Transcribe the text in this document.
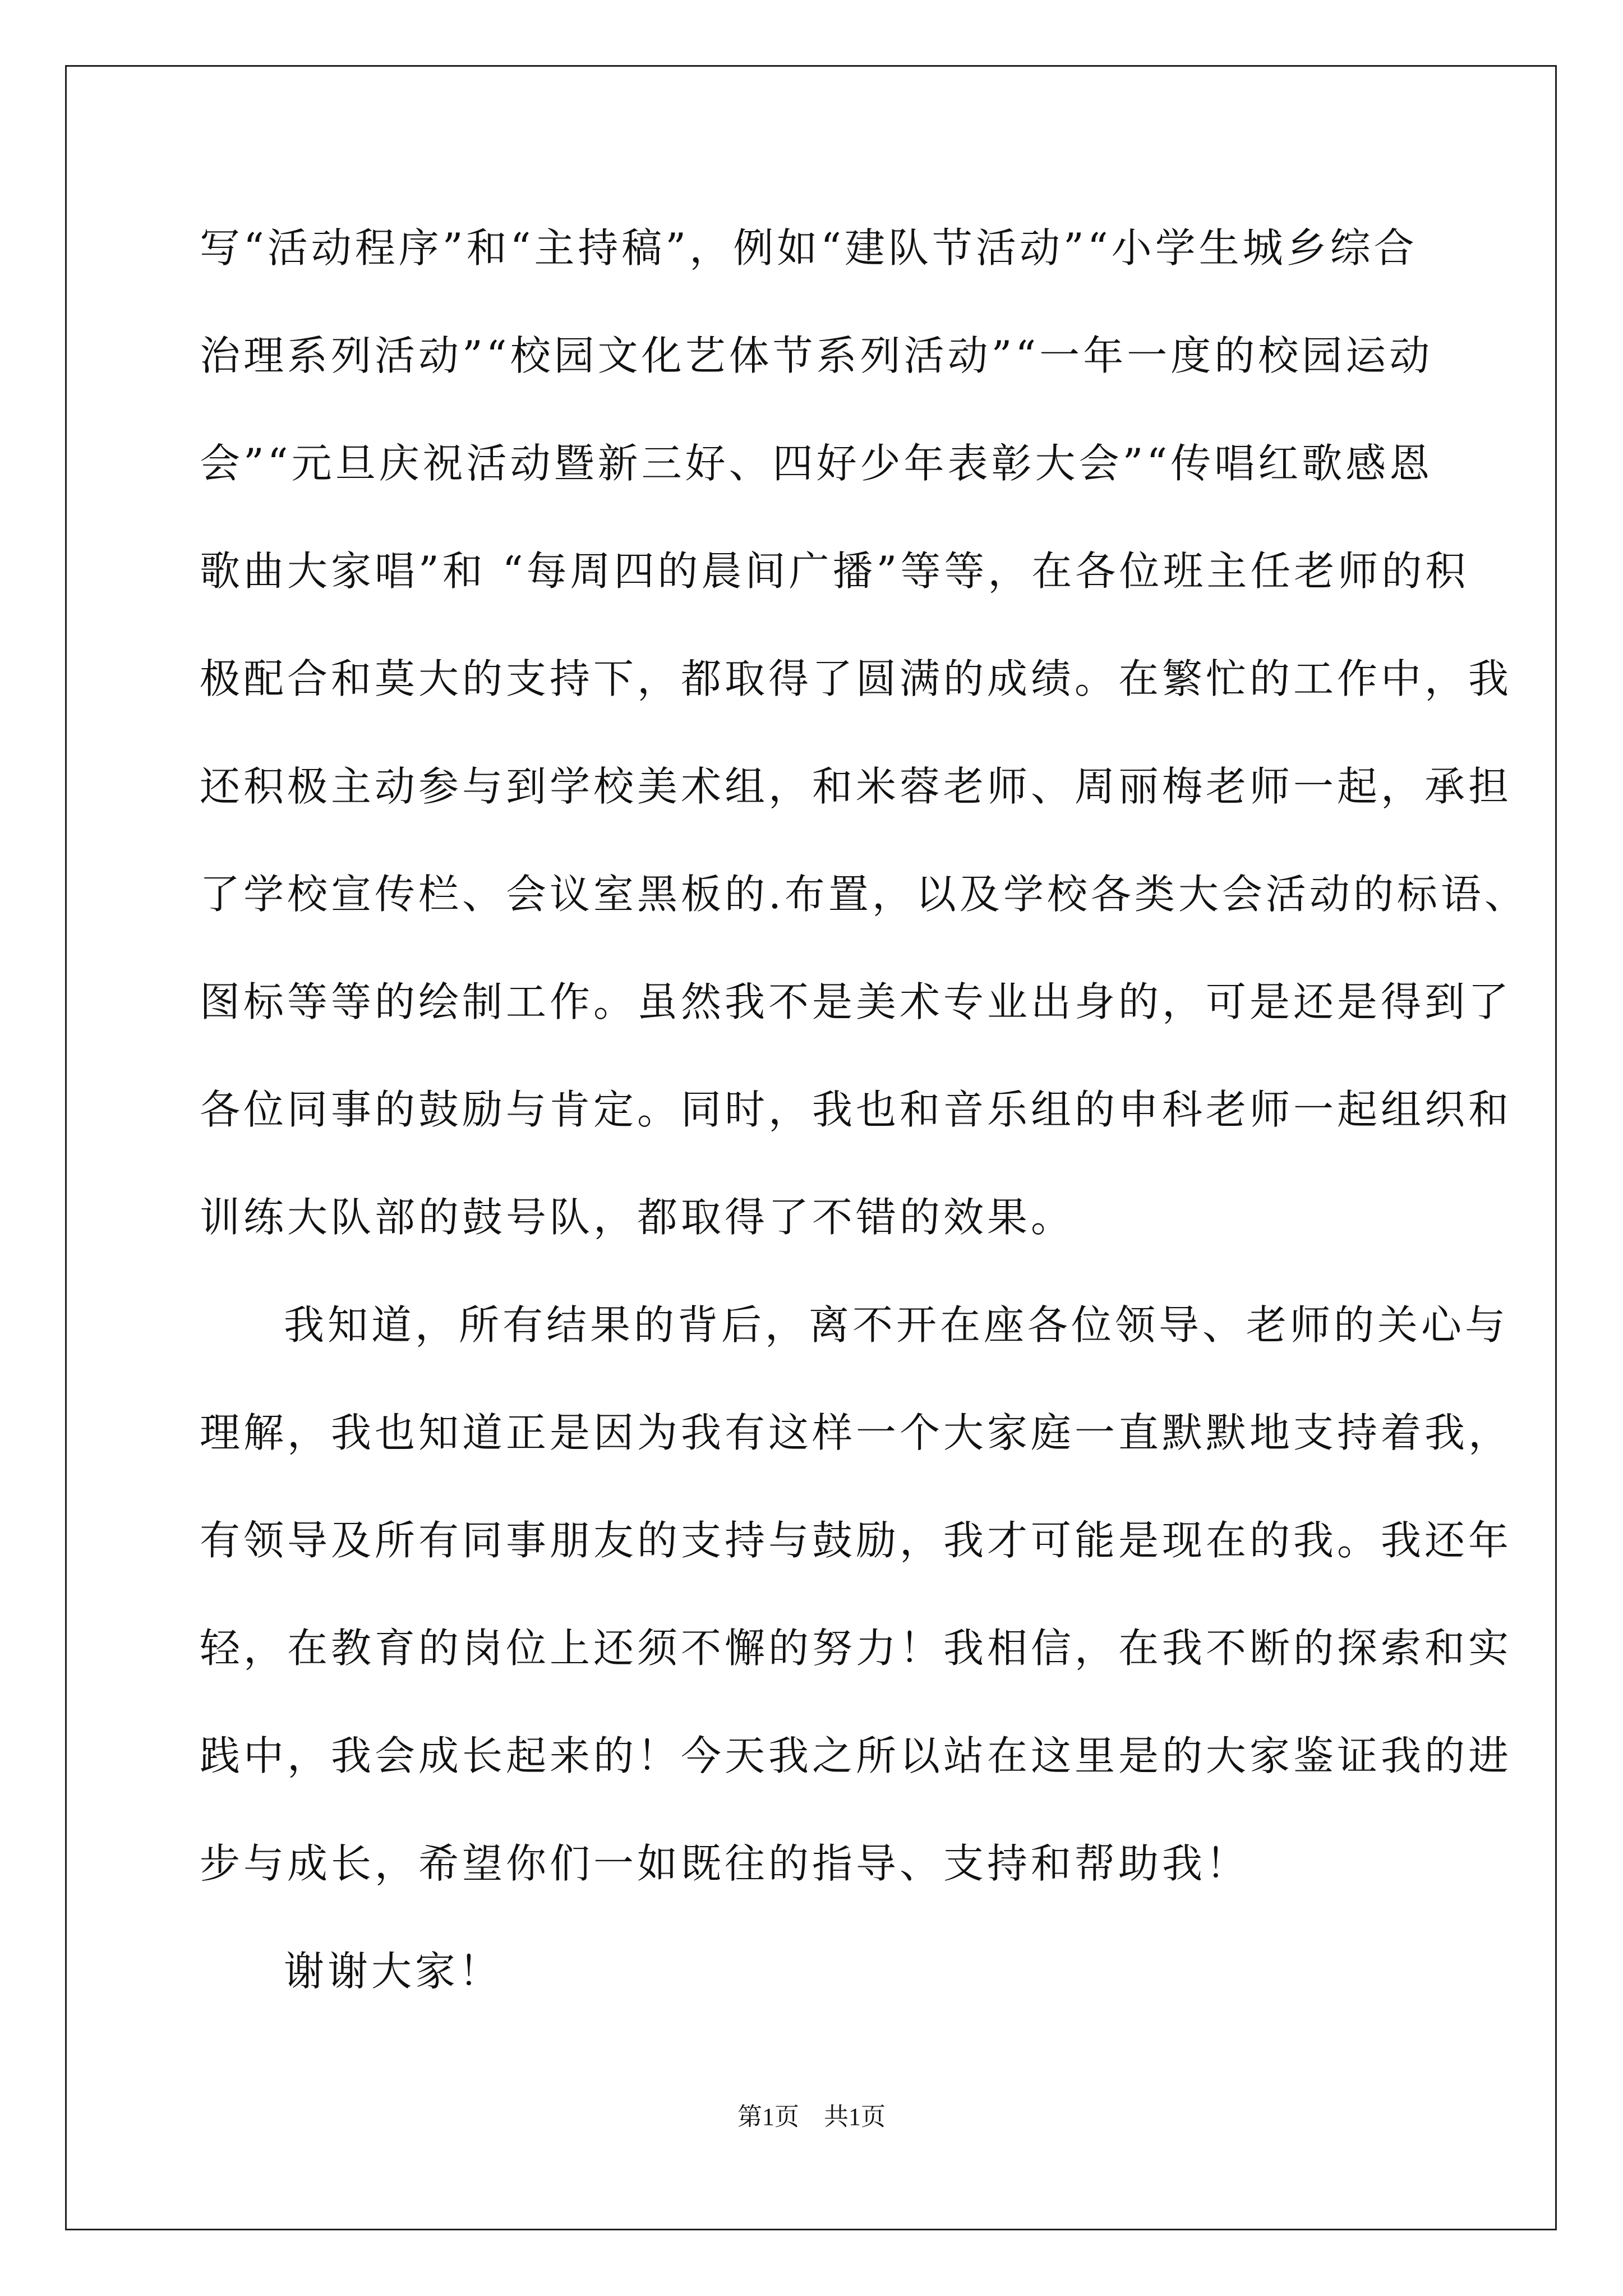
写“活动程序”和“主持稿”，例如“建队节活动”“小学生城乡综合
治理系列活动”“校园文化艺体节系列活动”“一年一度的校园运动
会”“元旦庆祝活动暨新三好、四好少年表彰大会”“传唱红歌感恩
歌曲大家唱”和 “每周四的晨间广播”等等，在各位班主任老师的积
极配合和莫大的支持下，都取得了圆满的成绩。在繁忙的工作中，我
还积极主动参与到学校美术组，和米蓉老师、周丽梅老师一起，承担
了学校宣传栏、会议室黑板的.布置，以及学校各类大会活动的标语、
图标等等的绘制工作。虽然我不是美术专业出身的，可是还是得到了
各位同事的鼓励与肯定。同时，我也和音乐组的申科老师一起组织和
训练大队部的鼓号队，都取得了不错的效果。
我知道，所有结果的背后，离不开在座各位领导、老师的关心与
理解，我也知道正是因为我有这样一个大家庭一直默默地支持着我，
有领导及所有同事朋友的支持与鼓励，我才可能是现在的我。我还年
轻，在教育的岗位上还须不懈的努力！我相信，在我不断的探索和实
践中，我会成长起来的！今天我之所以站在这里是的大家鉴证我的进
步与成长，希望你们一如既往的指导、支持和帮助我！
谢谢大家！
第1页　共1页
